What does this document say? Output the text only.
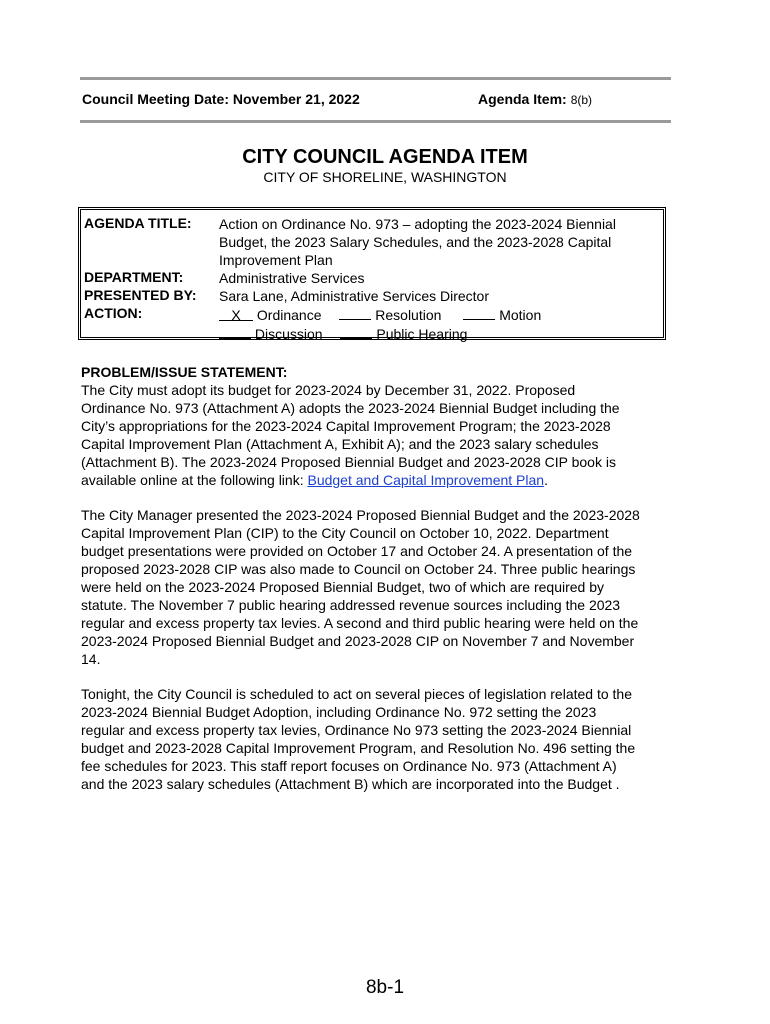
Council Meeting Date: November 21, 2022	Agenda Item: 8(b)
CITY COUNCIL AGENDA ITEM
CITY OF SHORELINE, WASHINGTON
AGENDA TITLE: Action on Ordinance No. 973 – adopting the 2023-2024 Biennial
Budget, the 2023 Salary Schedules, and the 2023-2028 Capital
Improvement Plan
DEPARTMENT:	Administrative Services
PRESENTED BY: Sara Lane, Administrative Services Director
ACTION:	X Ordinance	Resolution	Motion
Discussion	Public Hearing
PROBLEM/ISSUE STATEMENT:
The City must adopt its budget for 2023-2024 by December 31, 2022. Proposed
Ordinance No. 973 (Attachment A) adopts the 2023-2024 Biennial Budget including the
City’s appropriations for the 2023-2024 Capital Improvement Program; the 2023-2028
Capital Improvement Plan (Attachment A, Exhibit A); and the 2023 salary schedules
(Attachment B). The 2023-2024 Proposed Biennial Budget and 2023-2028 CIP book is
available online at the following link: Budget and Capital Improvement Plan.
The City Manager presented the 2023-2024 Proposed Biennial Budget and the 2023-2028
Capital Improvement Plan (CIP) to the City Council on October 10, 2022. Department
budget presentations were provided on October 17 and October 24. A presentation of the
proposed 2023-2028 CIP was also made to Council on October 24. Three public hearings
were held on the 2023-2024 Proposed Biennial Budget, two of which are required by
statute. The November 7 public hearing addressed revenue sources including the 2023
regular and excess property tax levies. A second and third public hearing were held on the
2023-2024 Proposed Biennial Budget and 2023-2028 CIP on November 7 and November
14.
Tonight, the City Council is scheduled to act on several pieces of legislation related to the
2023-2024 Biennial Budget Adoption, including Ordinance No. 972 setting the 2023
regular and excess property tax levies, Ordinance No 973 setting the 2023-2024 Biennial
budget and 2023-2028 Capital Improvement Program, and Resolution No. 496 setting the
fee schedules for 2023. This staff report focuses on Ordinance No. 973 (Attachment A)
and the 2023 salary schedules (Attachment B) which are incorporated into the Budget .
8b-1
